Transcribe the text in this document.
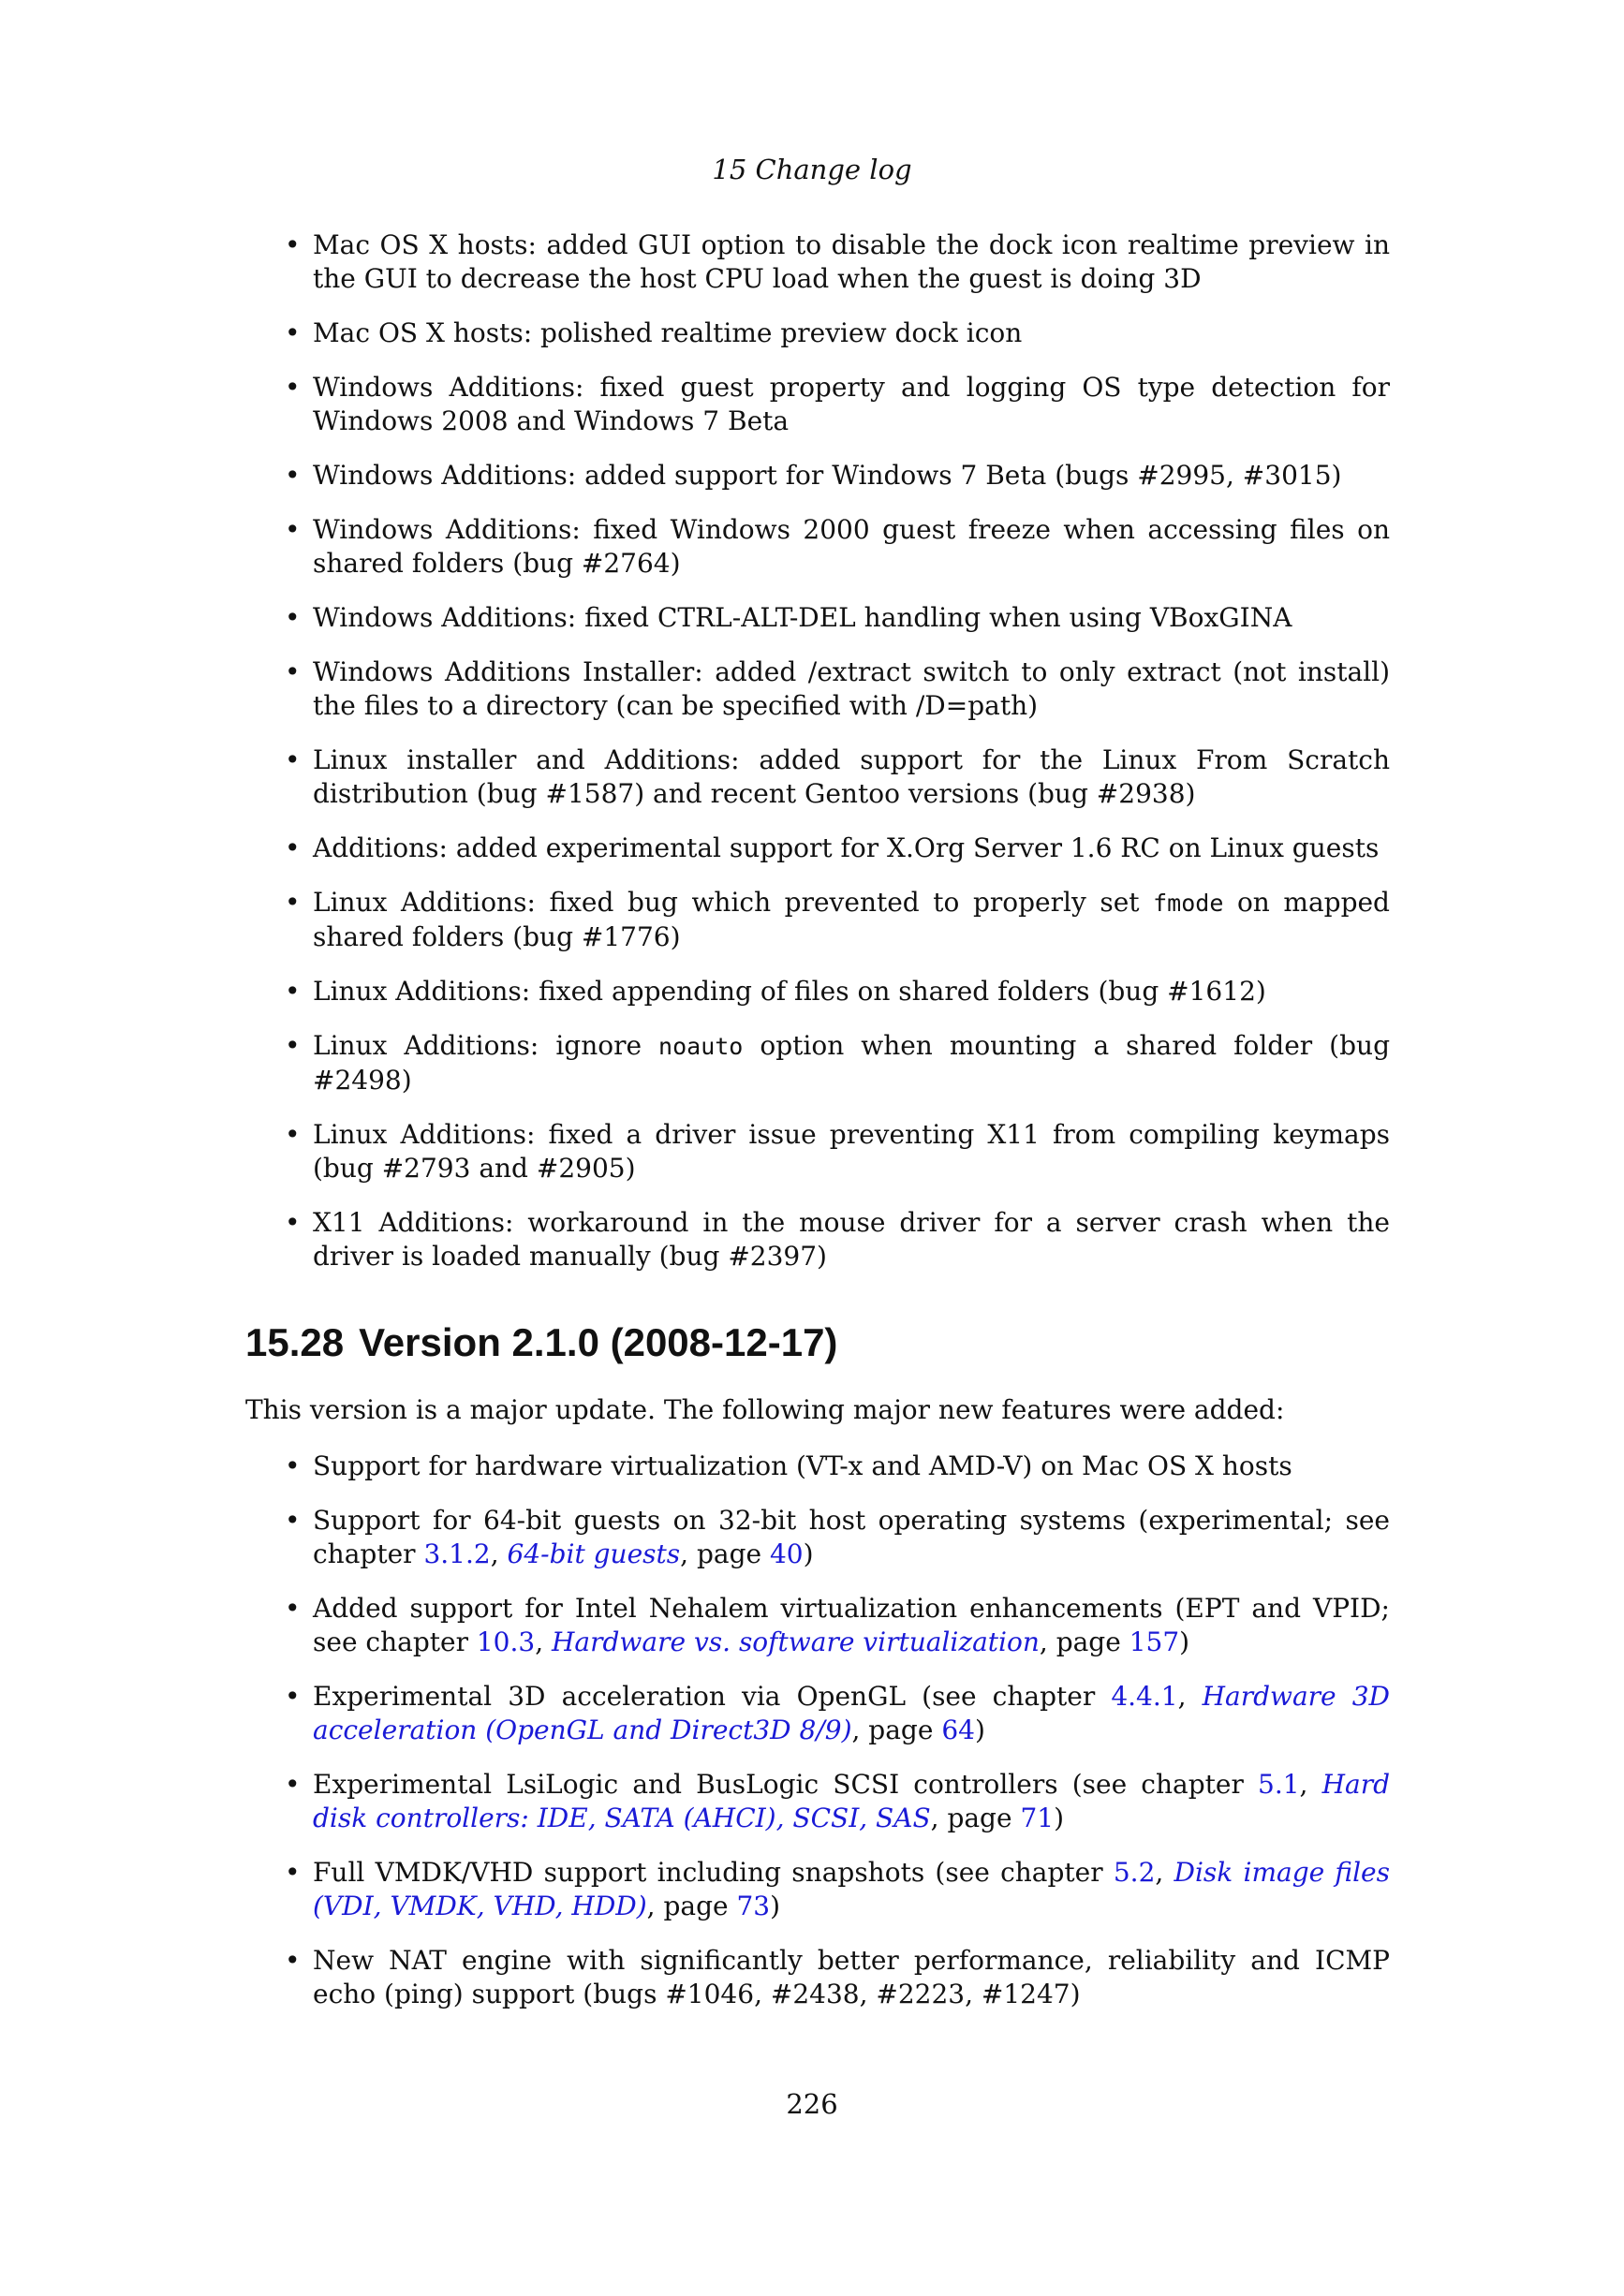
15 Change log
• Mac OS X hosts: added GUI option to disable the dock icon realtime preview in the GUI to decrease the host CPU load when the guest is doing 3D
• Mac OS X hosts: polished realtime preview dock icon
• Windows Additions: fixed guest property and logging OS type detection for Windows 2008 and Windows 7 Beta
• Windows Additions: added support for Windows 7 Beta (bugs #2995, #3015)
• Windows Additions: fixed Windows 2000 guest freeze when accessing files on shared folders (bug #2764)
• Windows Additions: fixed CTRL-ALT-DEL handling when using VBoxGINA
• Windows Additions Installer: added /extract switch to only extract (not install) the files to a directory (can be specified with /D=path)
• Linux installer and Additions: added support for the Linux From Scratch distribution (bug #1587) and recent Gentoo versions (bug #2938)
• Additions: added experimental support for X.Org Server 1.6 RC on Linux guests
• Linux Additions: fixed bug which prevented to properly set fmode on mapped shared folders (bug #1776)
• Linux Additions: fixed appending of files on shared folders (bug #1612)
• Linux Additions: ignore noauto option when mounting a shared folder (bug #2498)
• Linux Additions: fixed a driver issue preventing X11 from compiling keymaps (bug #2793 and #2905)
• X11 Additions: workaround in the mouse driver for a server crash when the driver is loaded manually (bug #2397)
15.28 Version 2.1.0 (2008-12-17)

This version is a major update. The following major new features were added:

• Support for hardware virtualization (VT-x and AMD-V) on Mac OS X hosts
• Support for 64-bit guests on 32-bit host operating systems (experimental; see chapter 3.1.2, 64-bit guests, page 40)
• Added support for Intel Nehalem virtualization enhancements (EPT and VPID; see chapter 10.3, Hardware vs. software virtualization, page 157)
• Experimental 3D acceleration via OpenGL (see chapter 4.4.1, Hardware 3D acceleration (OpenGL and Direct3D 8/9), page 64)
• Experimental LsiLogic and BusLogic SCSI controllers (see chapter 5.1, Hard disk controllers: IDE, SATA (AHCI), SCSI, SAS, page 71)
• Full VMDK/VHD support including snapshots (see chapter 5.2, Disk image files (VDI, VMDK, VHD, HDD), page 73)
• New NAT engine with significantly better performance, reliability and ICMP echo (ping) support (bugs #1046, #2438, #2223, #1247)
226
